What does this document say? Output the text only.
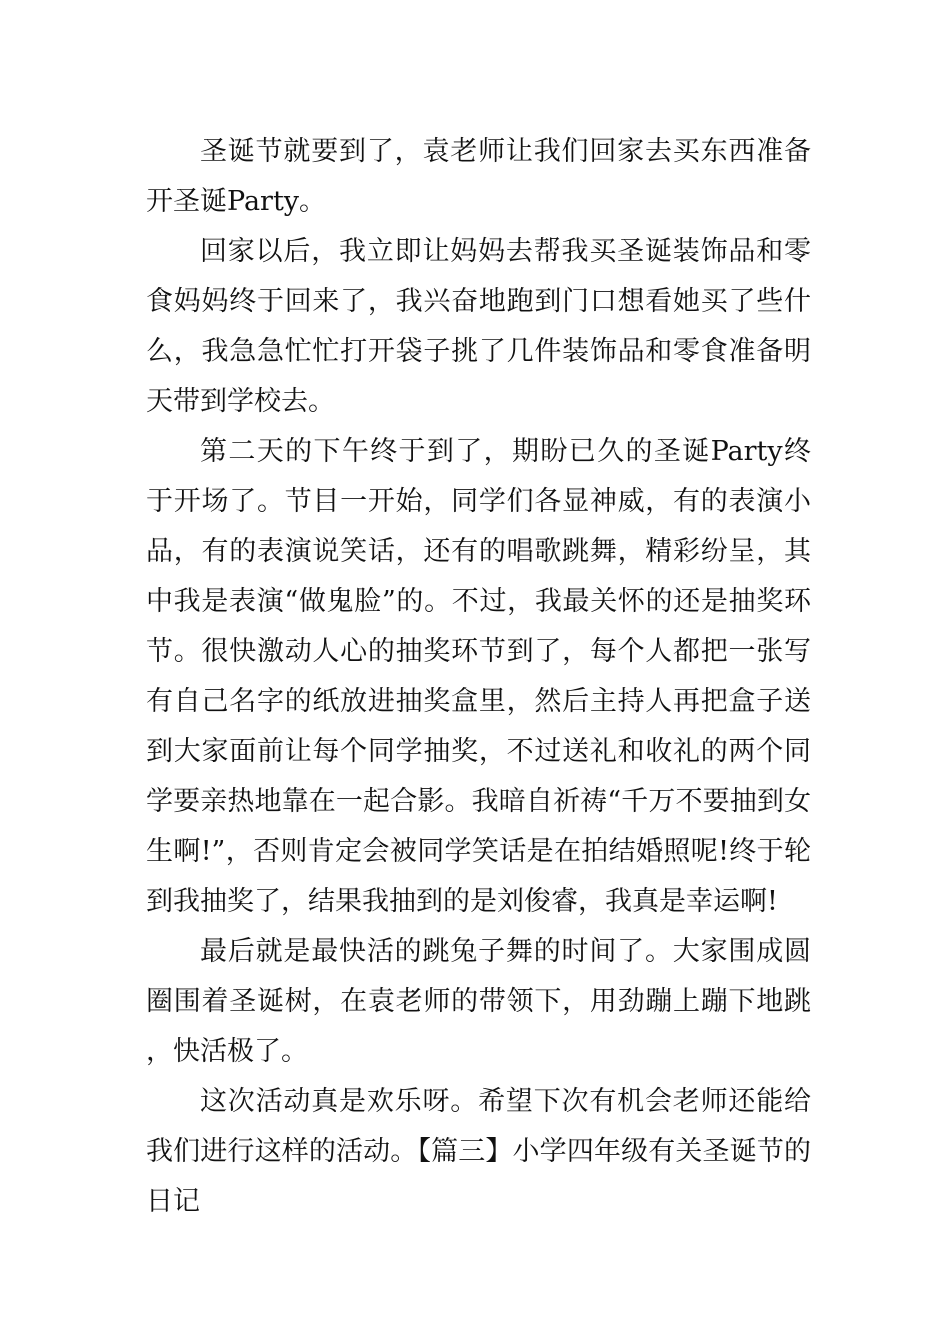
圣诞节就要到了，袁老师让我们回家去买东西准备开圣诞Party。

回家以后，我立即让妈妈去帮我买圣诞装饰品和零食妈妈终于回来了，我兴奋地跑到门口想看她买了些什么，我急急忙忙打开袋子挑了几件装饰品和零食准备明天带到学校去。

第二天的下午终于到了，期盼已久的圣诞Party终于开场了。节目一开始，同学们各显神威，有的表演小品，有的表演说笑话，还有的唱歌跳舞，精彩纷呈，其中我是表演“做鬼脸”的。不过，我最关怀的还是抽奖环节。很快激动人心的抽奖环节到了，每个人都把一张写有自己名字的纸放进抽奖盒里，然后主持人再把盒子送到大家面前让每个同学抽奖，不过送礼和收礼的两个同学要亲热地靠在一起合影。我暗自祈祷“千万不要抽到女生啊!”，否则肯定会被同学笑话是在拍结婚照呢!终于轮到我抽奖了，结果我抽到的是刘俊睿，我真是幸运啊!

最后就是最快活的跳兔子舞的时间了。大家围成圆圈围着圣诞树，在袁老师的带领下，用劲蹦上蹦下地跳，快活极了。

这次活动真是欢乐呀。希望下次有机会老师还能给我们进行这样的活动。【篇三】小学四年级有关圣诞节的日记
